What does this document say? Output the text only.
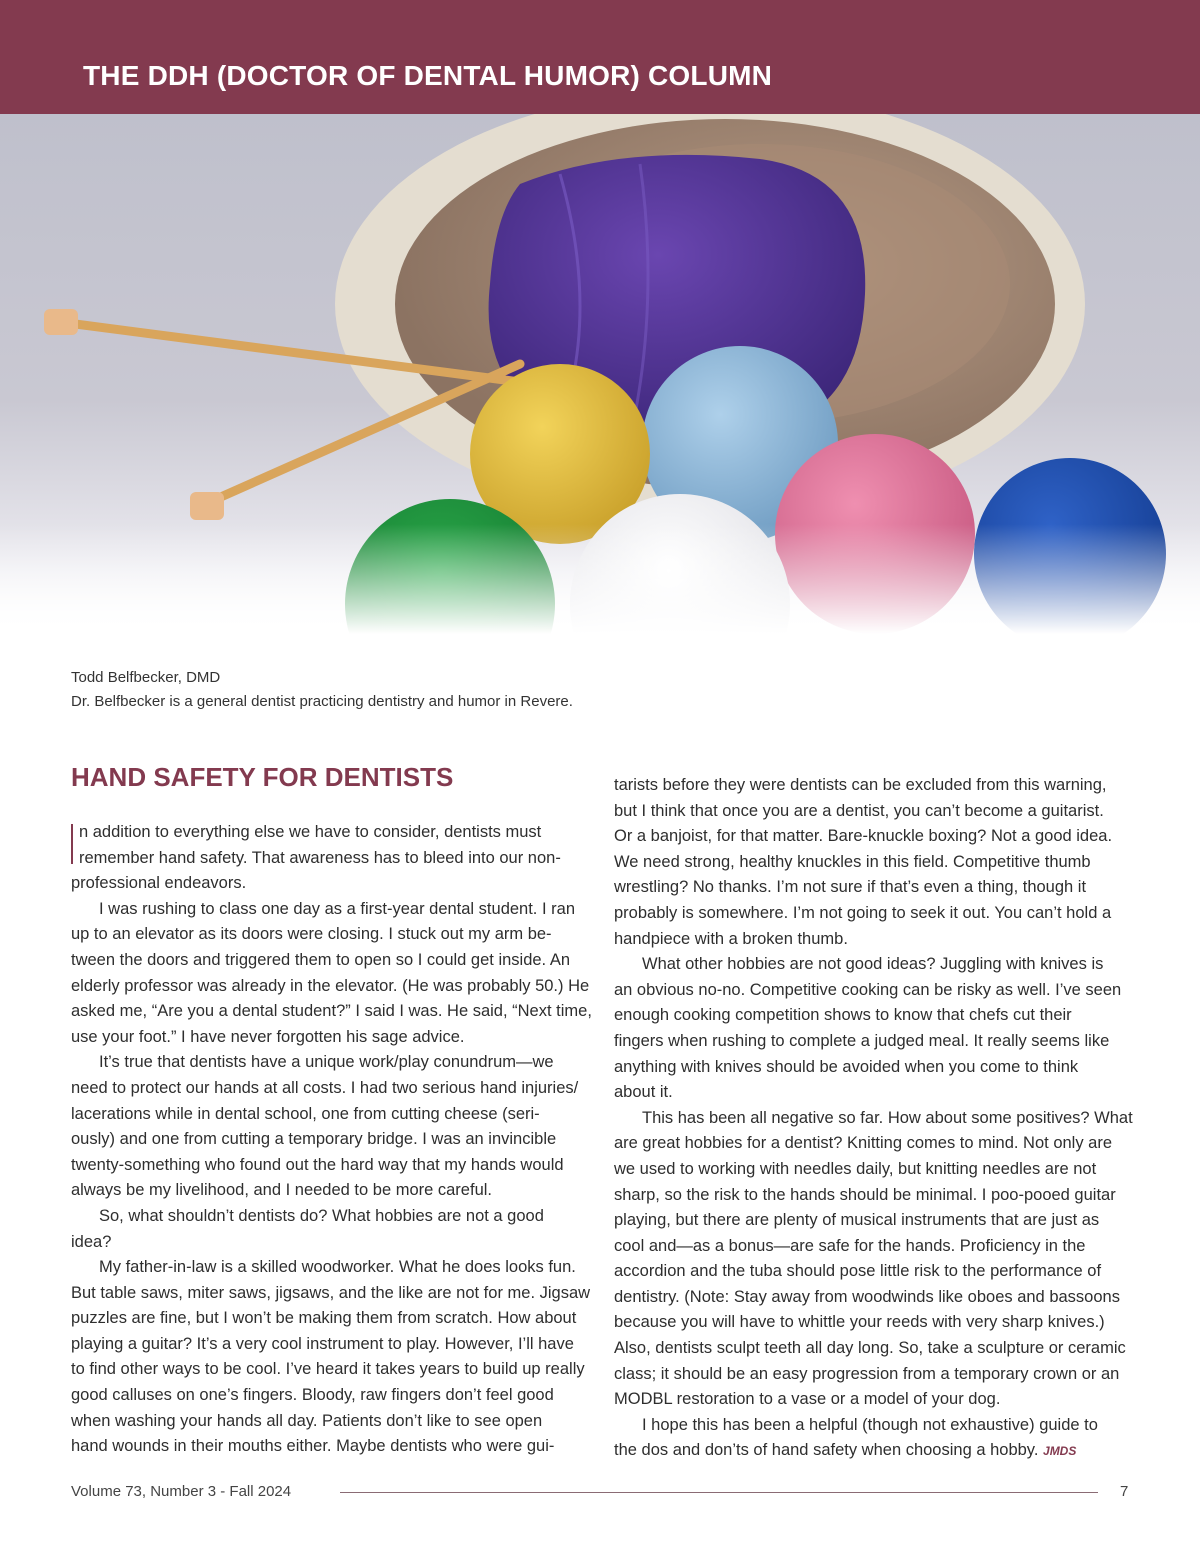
THE DDH (DOCTOR OF DENTAL HUMOR) COLUMN
Todd Belfbecker, DMD
Dr. Belfbecker is a general dentist practicing dentistry and humor in Revere.
HAND SAFETY FOR DENTISTS

n addition to everything else we have to consider, dentists must

remember hand safety. That awareness has to bleed into our non-

professional endeavors.

I was rushing to class one day as a first-year dental student. I ran

up to an elevator as its doors were closing. I stuck out my arm be-

tween the doors and triggered them to open so I could get inside. An

elderly professor was already in the elevator. (He was probably 50.) He

asked me, “Are you a dental student?” I said I was. He said, “Next time,

use your foot.” I have never forgotten his sage advice.

It’s true that dentists have a unique work/play conundrum—we

need to protect our hands at all costs. I had two serious hand injuries/

lacerations while in dental school, one from cutting cheese (seri-

ously) and one from cutting a temporary bridge. I was an invincible

twenty-something who found out the hard way that my hands would

always be my livelihood, and I needed to be more careful.

So, what shouldn’t dentists do? What hobbies are not a good

idea?

My father-in-law is a skilled woodworker. What he does looks fun.

But table saws, miter saws, jigsaws, and the like are not for me. Jigsaw

puzzles are fine, but I won’t be making them from scratch. How about

playing a guitar? It’s a very cool instrument to play. However, I’ll have

to find other ways to be cool. I’ve heard it takes years to build up really

good calluses on one’s fingers. Bloody, raw fingers don’t feel good

when washing your hands all day. Patients don’t like to see open

hand wounds in their mouths either. Maybe dentists who were gui-

tarists before they were dentists can be excluded from this warning,

but I think that once you are a dentist, you can’t become a guitarist.

Or a banjoist, for that matter. Bare-knuckle boxing? Not a good idea.

We need strong, healthy knuckles in this field. Competitive thumb

wrestling? No thanks. I’m not sure if that’s even a thing, though it

probably is somewhere. I’m not going to seek it out. You can’t hold a

handpiece with a broken thumb.

What other hobbies are not good ideas? Juggling with knives is

an obvious no-no. Competitive cooking can be risky as well. I’ve seen

enough cooking competition shows to know that chefs cut their

fingers when rushing to complete a judged meal. It really seems like

anything with knives should be avoided when you come to think

about it.

This has been all negative so far. How about some positives? What

are great hobbies for a dentist? Knitting comes to mind. Not only are

we used to working with needles daily, but knitting needles are not

sharp, so the risk to the hands should be minimal. I poo-pooed guitar

playing, but there are plenty of musical instruments that are just as

cool and—as a bonus—are safe for the hands. Proficiency in the

accordion and the tuba should pose little risk to the performance of

dentistry. (Note: Stay away from woodwinds like oboes and bassoons

because you will have to whittle your reeds with very sharp knives.)

Also, dentists sculpt teeth all day long. So, take a sculpture or ceramic

class; it should be an easy progression from a temporary crown or an

MODBL restoration to a vase or a model of your dog.

I hope this has been a helpful (though not exhaustive) guide to

the dos and don’ts of hand safety when choosing a hobby. JMDS

Volume 73, Number 3 - Fall 2024	7
